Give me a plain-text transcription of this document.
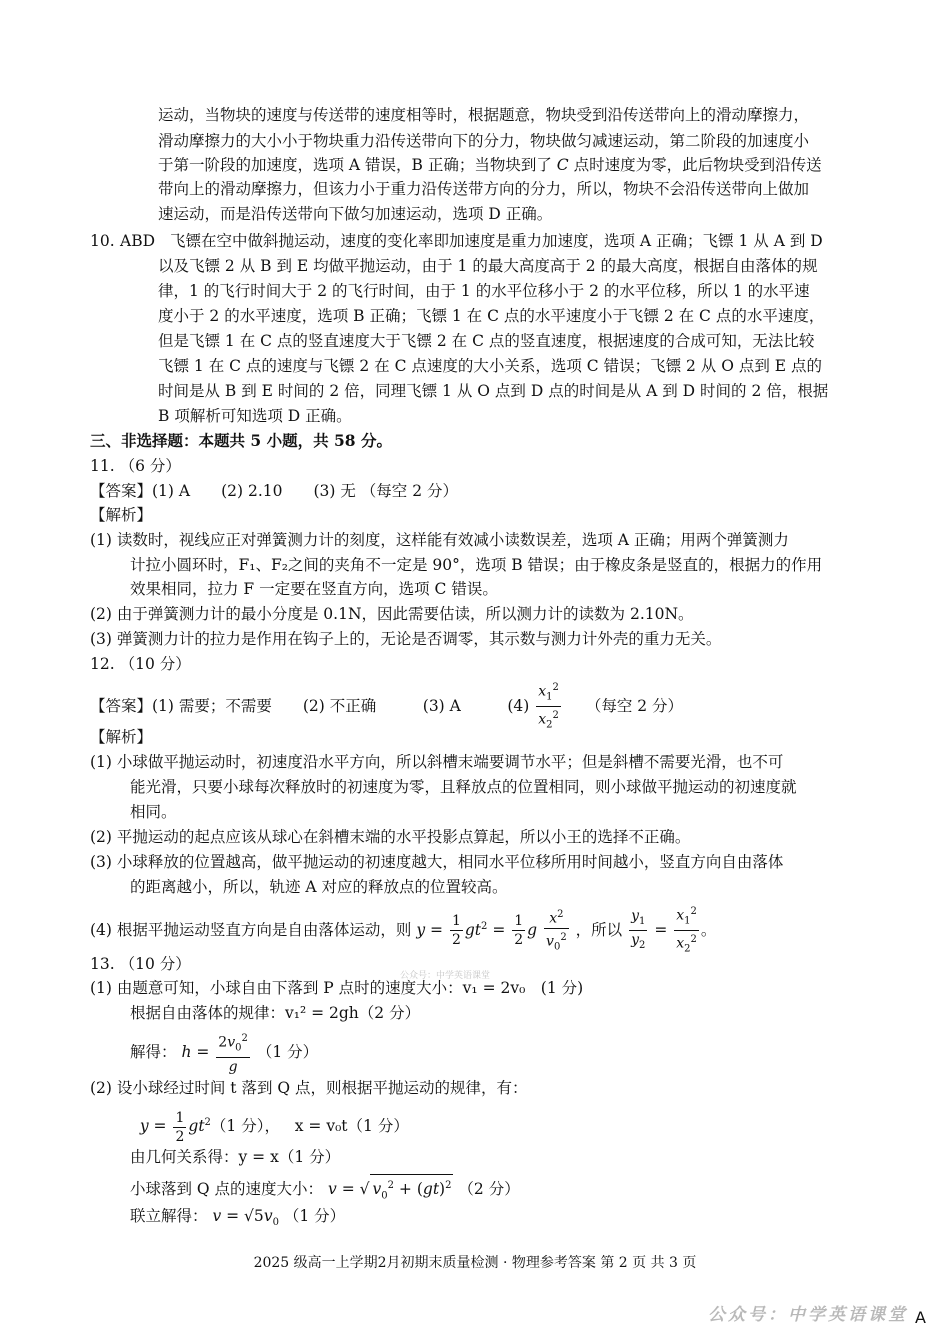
运动，当物块的速度与传送带的速度相等时，根据题意，物块受到沿传送带向上的滑动摩擦力，
滑动摩擦力的大小小于物块重力沿传送带向下的分力，物块做匀减速运动，第二阶段的加速度小
于第一阶段的加速度，选项 A 错误，B 正确；当物块到了 C 点时速度为零，此后物块受到沿传送
带向上的滑动摩擦力，但该力小于重力沿传送带方向的分力，所以，物块不会沿传送带向上做加
速运动，而是沿传送带向下做匀加速运动，选项 D 正确。
10. ABD 飞镖在空中做斜抛运动，速度的变化率即加速度是重力加速度，选项 A 正确；飞镖 1 从 A 到 D
以及飞镖 2 从 B 到 E 均做平抛运动，由于 1 的最大高度高于 2 的最大高度，根据自由落体的规
律，1 的飞行时间大于 2 的飞行时间，由于 1 的水平位移小于 2 的水平位移，所以 1 的水平速
度小于 2 的水平速度，选项 B 正确；飞镖 1 在 C 点的水平速度小于飞镖 2 在 C 点的水平速度，
但是飞镖 1 在 C 点的竖直速度大于飞镖 2 在 C 点的竖直速度，根据速度的合成可知，无法比较
飞镖 1 在 C 点的速度与飞镖 2 在 C 点速度的大小关系，选项 C 错误；飞镖 2 从 O 点到 E 点的
时间是从 B 到 E 时间的 2 倍，同理飞镖 1 从 O 点到 D 点的时间是从 A 到 D 时间的 2 倍，根据
B 项解析可知选项 D 正确。
三、非选择题：本题共 5 小题，共 58 分。
11. （6 分）
【答案】(1) A　　(2) 2.10　　(3) 无 （每空 2 分）
【解析】
(1) 读数时，视线应正对弹簧测力计的刻度，这样能有效减小读数误差，选项 A 正确；用两个弹簧测力
计拉小圆环时，F₁、F₂之间的夹角不一定是 90°，选项 B 错误；由于橡皮条是竖直的，根据力的作用
效果相同，拉力 F 一定要在竖直方向，选项 C 错误。
(2) 由于弹簧测力计的最小分度是 0.1N，因此需要估读，所以测力计的读数为 2.10N。
(3) 弹簧测力计的拉力是作用在钩子上的，无论是否调零，其示数与测力计外壳的重力无关。
12. （10 分）
【答案】(1) 需要；不需要　　(2) 不正确　　　(3) A　　　$(4) \frac{x_1^2}{x_2^2}$ （每空 2 分）
【解析】
(1) 小球做平抛运动时，初速度沿水平方向，所以斜槽末端要调节水平；但是斜槽不需要光滑，也不可
能光滑，只要小球每次释放时的初速度为零，且释放点的位置相同，则小球做平抛运动的初速度就
相同。
(2) 平抛运动的起点应该从球心在斜槽末端的水平投影点算起，所以小王的选择不正确。
(3) 小球释放的位置越高，做平抛运动的初速度越大，相同水平位移所用时间越小，竖直方向自由落体
的距离越小，所以，轨迹 A 对应的释放点的位置较高。
(4) 根据平抛运动竖直方向是自由落体运动，则 $y = \frac{1}{2} gt^2 = \frac{1}{2}$ g $\frac{x^2}{v_0^2}$ ，所以 $\frac{y_1}{y_2} = \frac{x_1^2}{x_2^2}$ 。
13. （10 分）
(1) 由题意可知，小球自由下落到 P 点时的速度大小：v₁ = 2v₀　(1 分)
根据自由落体的规律：v₁² = 2gh（2 分）
解得： $h = \frac{2v_0^2}{g} (1$ 分）
(2) 设小球经过时间 t 落到 Q 点，则根据平抛运动的规律，有：
$y = \frac{1}{2} gt^2(1$ 分）， x = v₀t（1 分）
由几何关系得：y = x（1 分）
小球落到 Q 点的速度大小： v = √ $v_0^2 + (gt)^2$ （2 分）
联立解得： $v = √5v_0$ （1 分）
2025 级高一上学期2月初期末质量检测 · 物理参考答案 第 2 页 共 3 页
公众号：中学英语课堂
公众号：中学英语课堂 A
